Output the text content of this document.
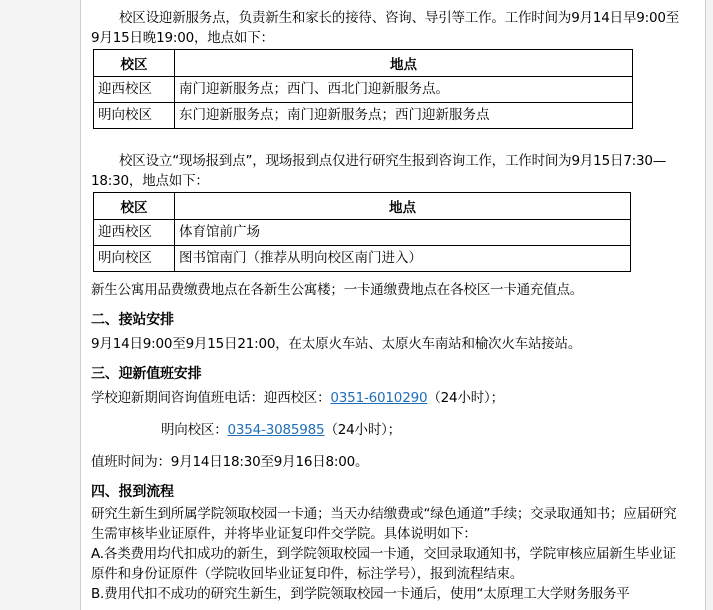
校区设迎新服务点，负责新生和家长的接待、咨询、导引等工作。工作时间为9月14日早9:00至9月15日晚19:00，地点如下：

校区	地点
迎西校区	南门迎新服务点；西门、西北门迎新服务点。
明向校区	东门迎新服务点；南门迎新服务点；西门迎新服务点

校区设立“现场报到点”，现场报到点仅进行研究生报到咨询工作，工作时间为9月15日7:30—18:30，地点如下：

校区	地点
迎西校区	体育馆前广场
明向校区	图书馆南门（推荐从明向校区南门进入）

新生公寓用品费缴费地点在各新生公寓楼；一卡通缴费地点在各校区一卡通充值点。

二、接站安排

9月14日9:00至9月15日21:00，在太原火车站、太原火车南站和榆次火车站接站。

三、迎新值班安排

学校迎新期间咨询值班电话：迎西校区：0351-6010290（24小时）；

明向校区：0354-3085985（24小时）；

值班时间为：9月14日18:30至9月16日8:00。

四、报到流程

研究生新生到所属学院领取校园一卡通；当天办结缴费或“绿色通道”手续；交录取通知书；应届研究生需审核毕业证原件，并将毕业证复印件交学院。具体说明如下：

A.各类费用均代扣成功的新生，到学院领取校园一卡通，交回录取通知书，学院审核应届新生毕业证原件和身份证原件（学院收回毕业证复印件，标注学号），报到流程结束。

B.费用代扣不成功的研究生新生，到学院领取校园一卡通后，使用“太原理工大学财务服务平
